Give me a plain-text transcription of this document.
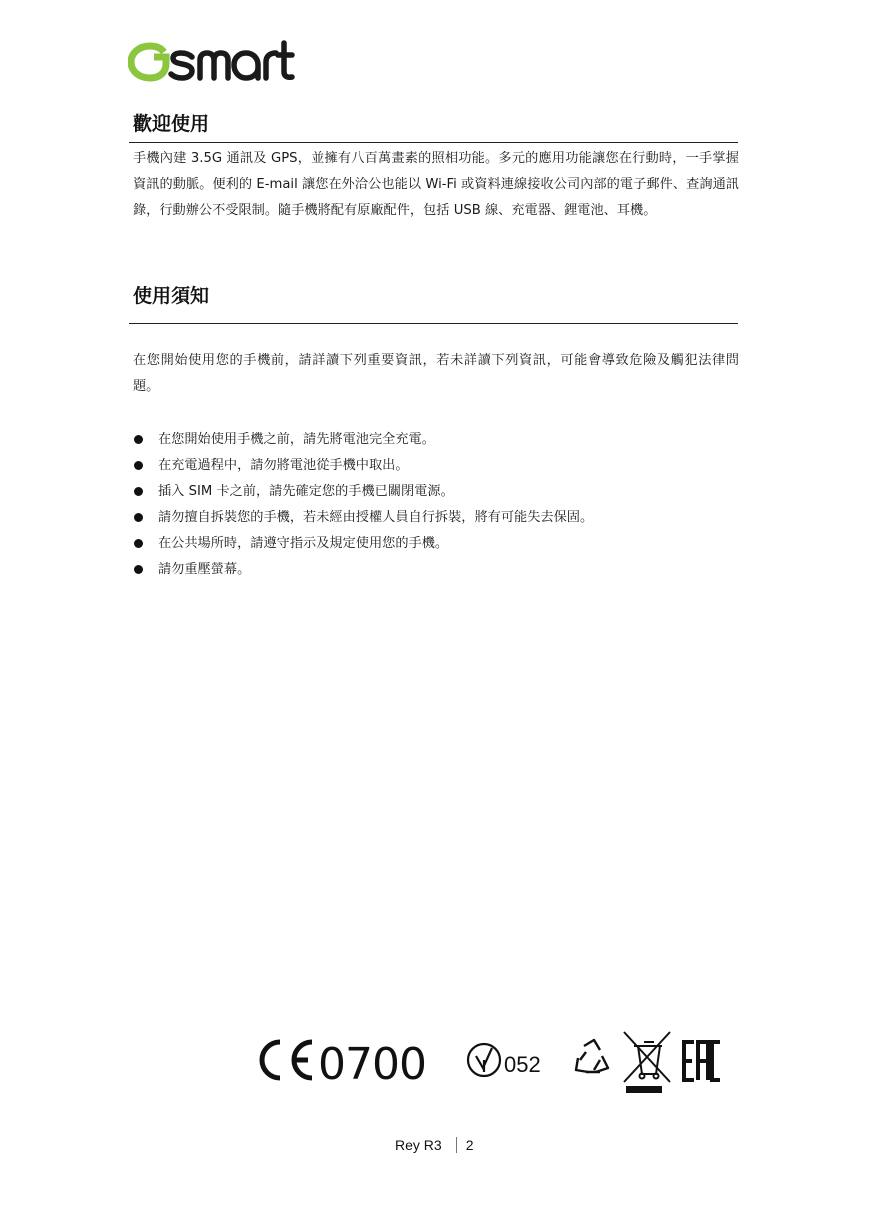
歡迎使用

手機內建 3.5G 通訊及 GPS，並擁有八百萬畫素的照相功能。多元的應用功能讓您在行動時，一手掌握資訊的動脈。便利的 E-mail 讓您在外洽公也能以 Wi-Fi 或資料連線接收公司內部的電子郵件、查詢通訊錄，行動辦公不受限制。隨手機將配有原廠配件，包括 USB 線、充電器、鋰電池、耳機。

使用須知

在您開始使用您的手機前，請詳讀下列重要資訊，若未詳讀下列資訊，可能會導致危險及觸犯法律問題。

在您開始使用手機之前，請先將電池完全充電。
在充電過程中，請勿將電池從手機中取出。
插入 SIM 卡之前，請先確定您的手機已關閉電源。
請勿擅自拆裝您的手機，若未經由授權人員自行拆裝，將有可能失去保固。
在公共場所時，請遵守指示及規定使用您的手機。
請勿重壓螢幕。
0700	052
Rey R3 2
